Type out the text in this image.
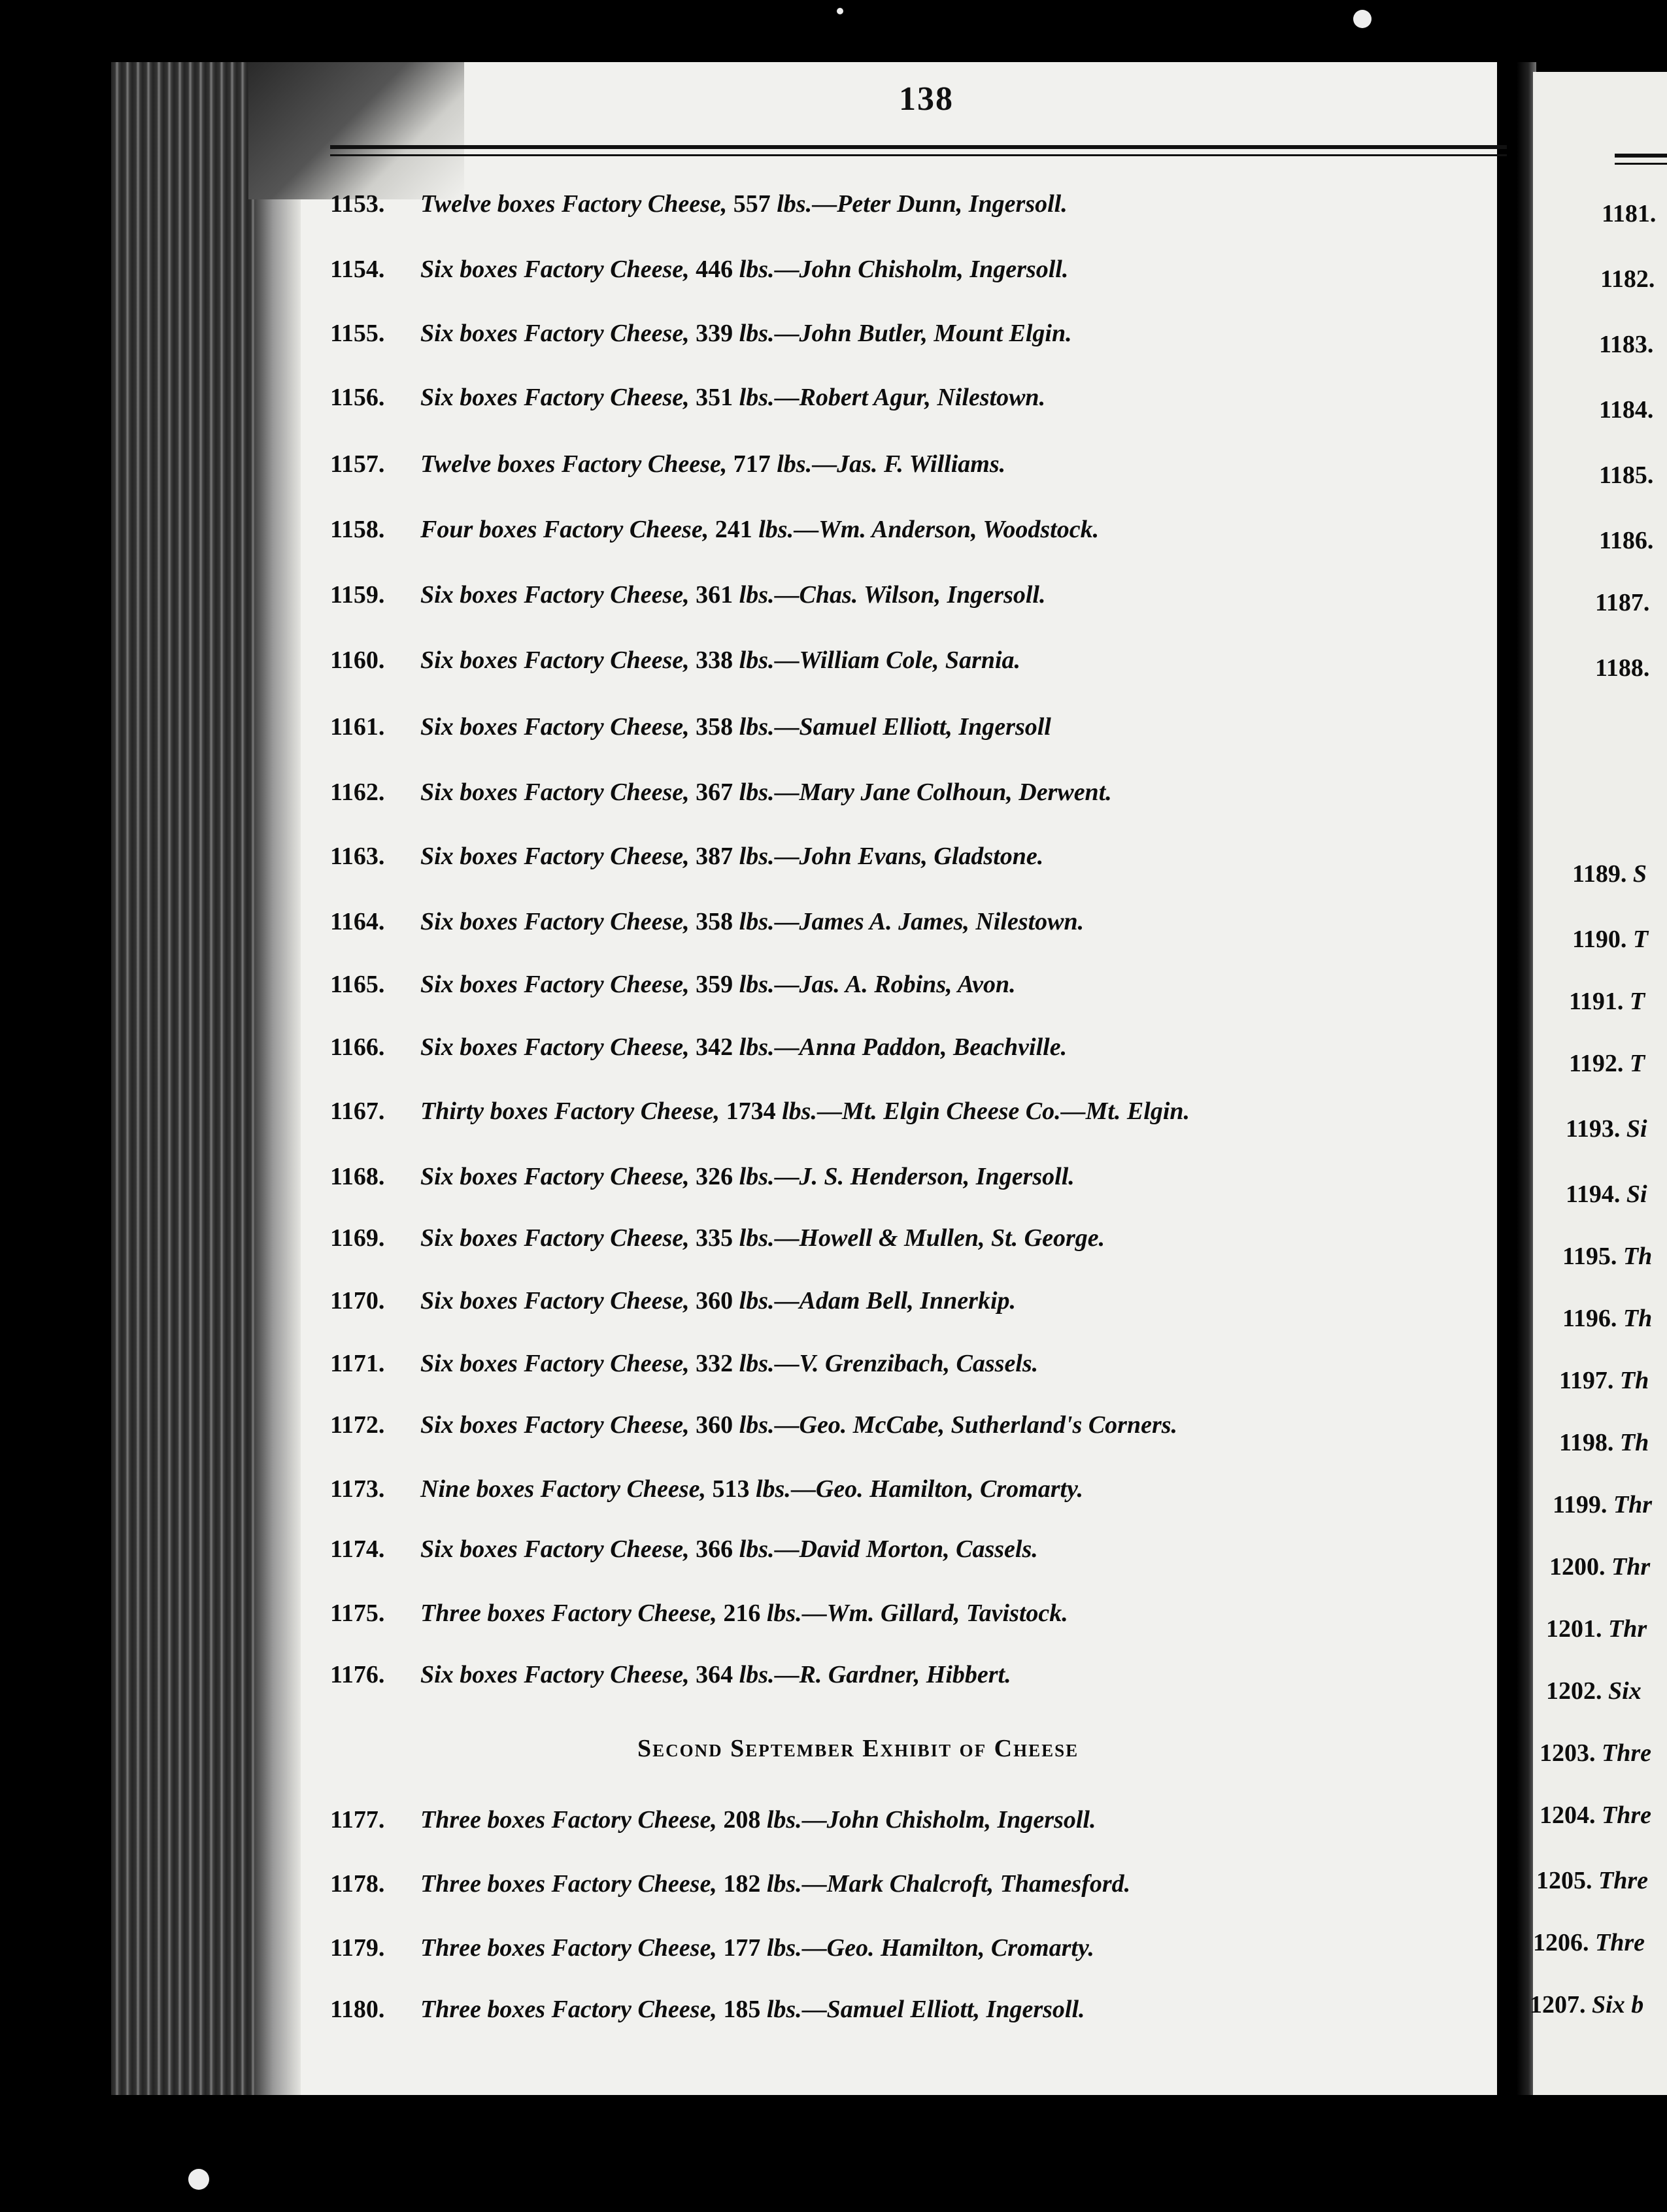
138
1153. Twelve boxes Factory Cheese, 557 lbs.—Peter Dunn, Ingersoll.
1154. Six boxes Factory Cheese, 446 lbs.—John Chisholm, Ingersoll.
1155. Six boxes Factory Cheese, 339 lbs.—John Butler, Mount Elgin.
1156. Six boxes Factory Cheese, 351 lbs.—Robert Agur, Nilestown.
1157. Twelve boxes Factory Cheese, 717 lbs.—Jas. F. Williams.
1158. Four boxes Factory Cheese, 241 lbs.—Wm. Anderson, Woodstock.
1159. Six boxes Factory Cheese, 361 lbs.—Chas. Wilson, Ingersoll.
1160. Six boxes Factory Cheese, 338 lbs.—William Cole, Sarnia.
1161. Six boxes Factory Cheese, 358 lbs.—Samuel Elliott, Ingersoll
1162. Six boxes Factory Cheese, 367 lbs.—Mary Jane Colhoun, Derwent.
1163. Six boxes Factory Cheese, 387 lbs.—John Evans, Gladstone.
1164. Six boxes Factory Cheese, 358 lbs.—James A. James, Nilestown.
1165. Six boxes Factory Cheese, 359 lbs.—Jas. A. Robins, Avon.
1166. Six boxes Factory Cheese, 342 lbs.—Anna Paddon, Beachville.
1167. Thirty boxes Factory Cheese, 1734 lbs.—Mt. Elgin Cheese Co.—Mt. Elgin.
1168. Six boxes Factory Cheese, 326 lbs.—J. S. Henderson, Ingersoll.
1169. Six boxes Factory Cheese, 335 lbs.—Howell & Mullen, St. George.
1170. Six boxes Factory Cheese, 360 lbs.—Adam Bell, Innerkip.
1171. Six boxes Factory Cheese, 332 lbs.—V. Grenzibach, Cassels.
1172. Six boxes Factory Cheese, 360 lbs.—Geo. McCabe, Sutherland's Corners.
1173. Nine boxes Factory Cheese, 513 lbs.—Geo. Hamilton, Cromarty.
1174. Six boxes Factory Cheese, 366 lbs.—David Morton, Cassels.
1175. Three boxes Factory Cheese, 216 lbs.—Wm. Gillard, Tavistock.
1176. Six boxes Factory Cheese, 364 lbs.—R. Gardner, Hibbert.
1177. Three boxes Factory Cheese, 208 lbs.—John Chisholm, Ingersoll.
1178. Three boxes Factory Cheese, 182 lbs.—Mark Chalcroft, Thamesford.
1179. Three boxes Factory Cheese, 177 lbs.—Geo. Hamilton, Cromarty.
1180. Three boxes Factory Cheese, 185 lbs.—Samuel Elliott, Ingersoll.
Second September Exhibit of Cheese
1181.
1182.
1183.
1184.
1185.
1186.
1187.
1188.
1189. S
1190. T
1191. T
1192. T
1193. Si
1194. Si
1195. Th
1196. Th
1197. Th
1198. Th
1199. Thr
1200. Thr
1201. Thr
1202. Six
1203. Thre
1204. Thre
1205. Thre
1206. Thre
1207. Six b
